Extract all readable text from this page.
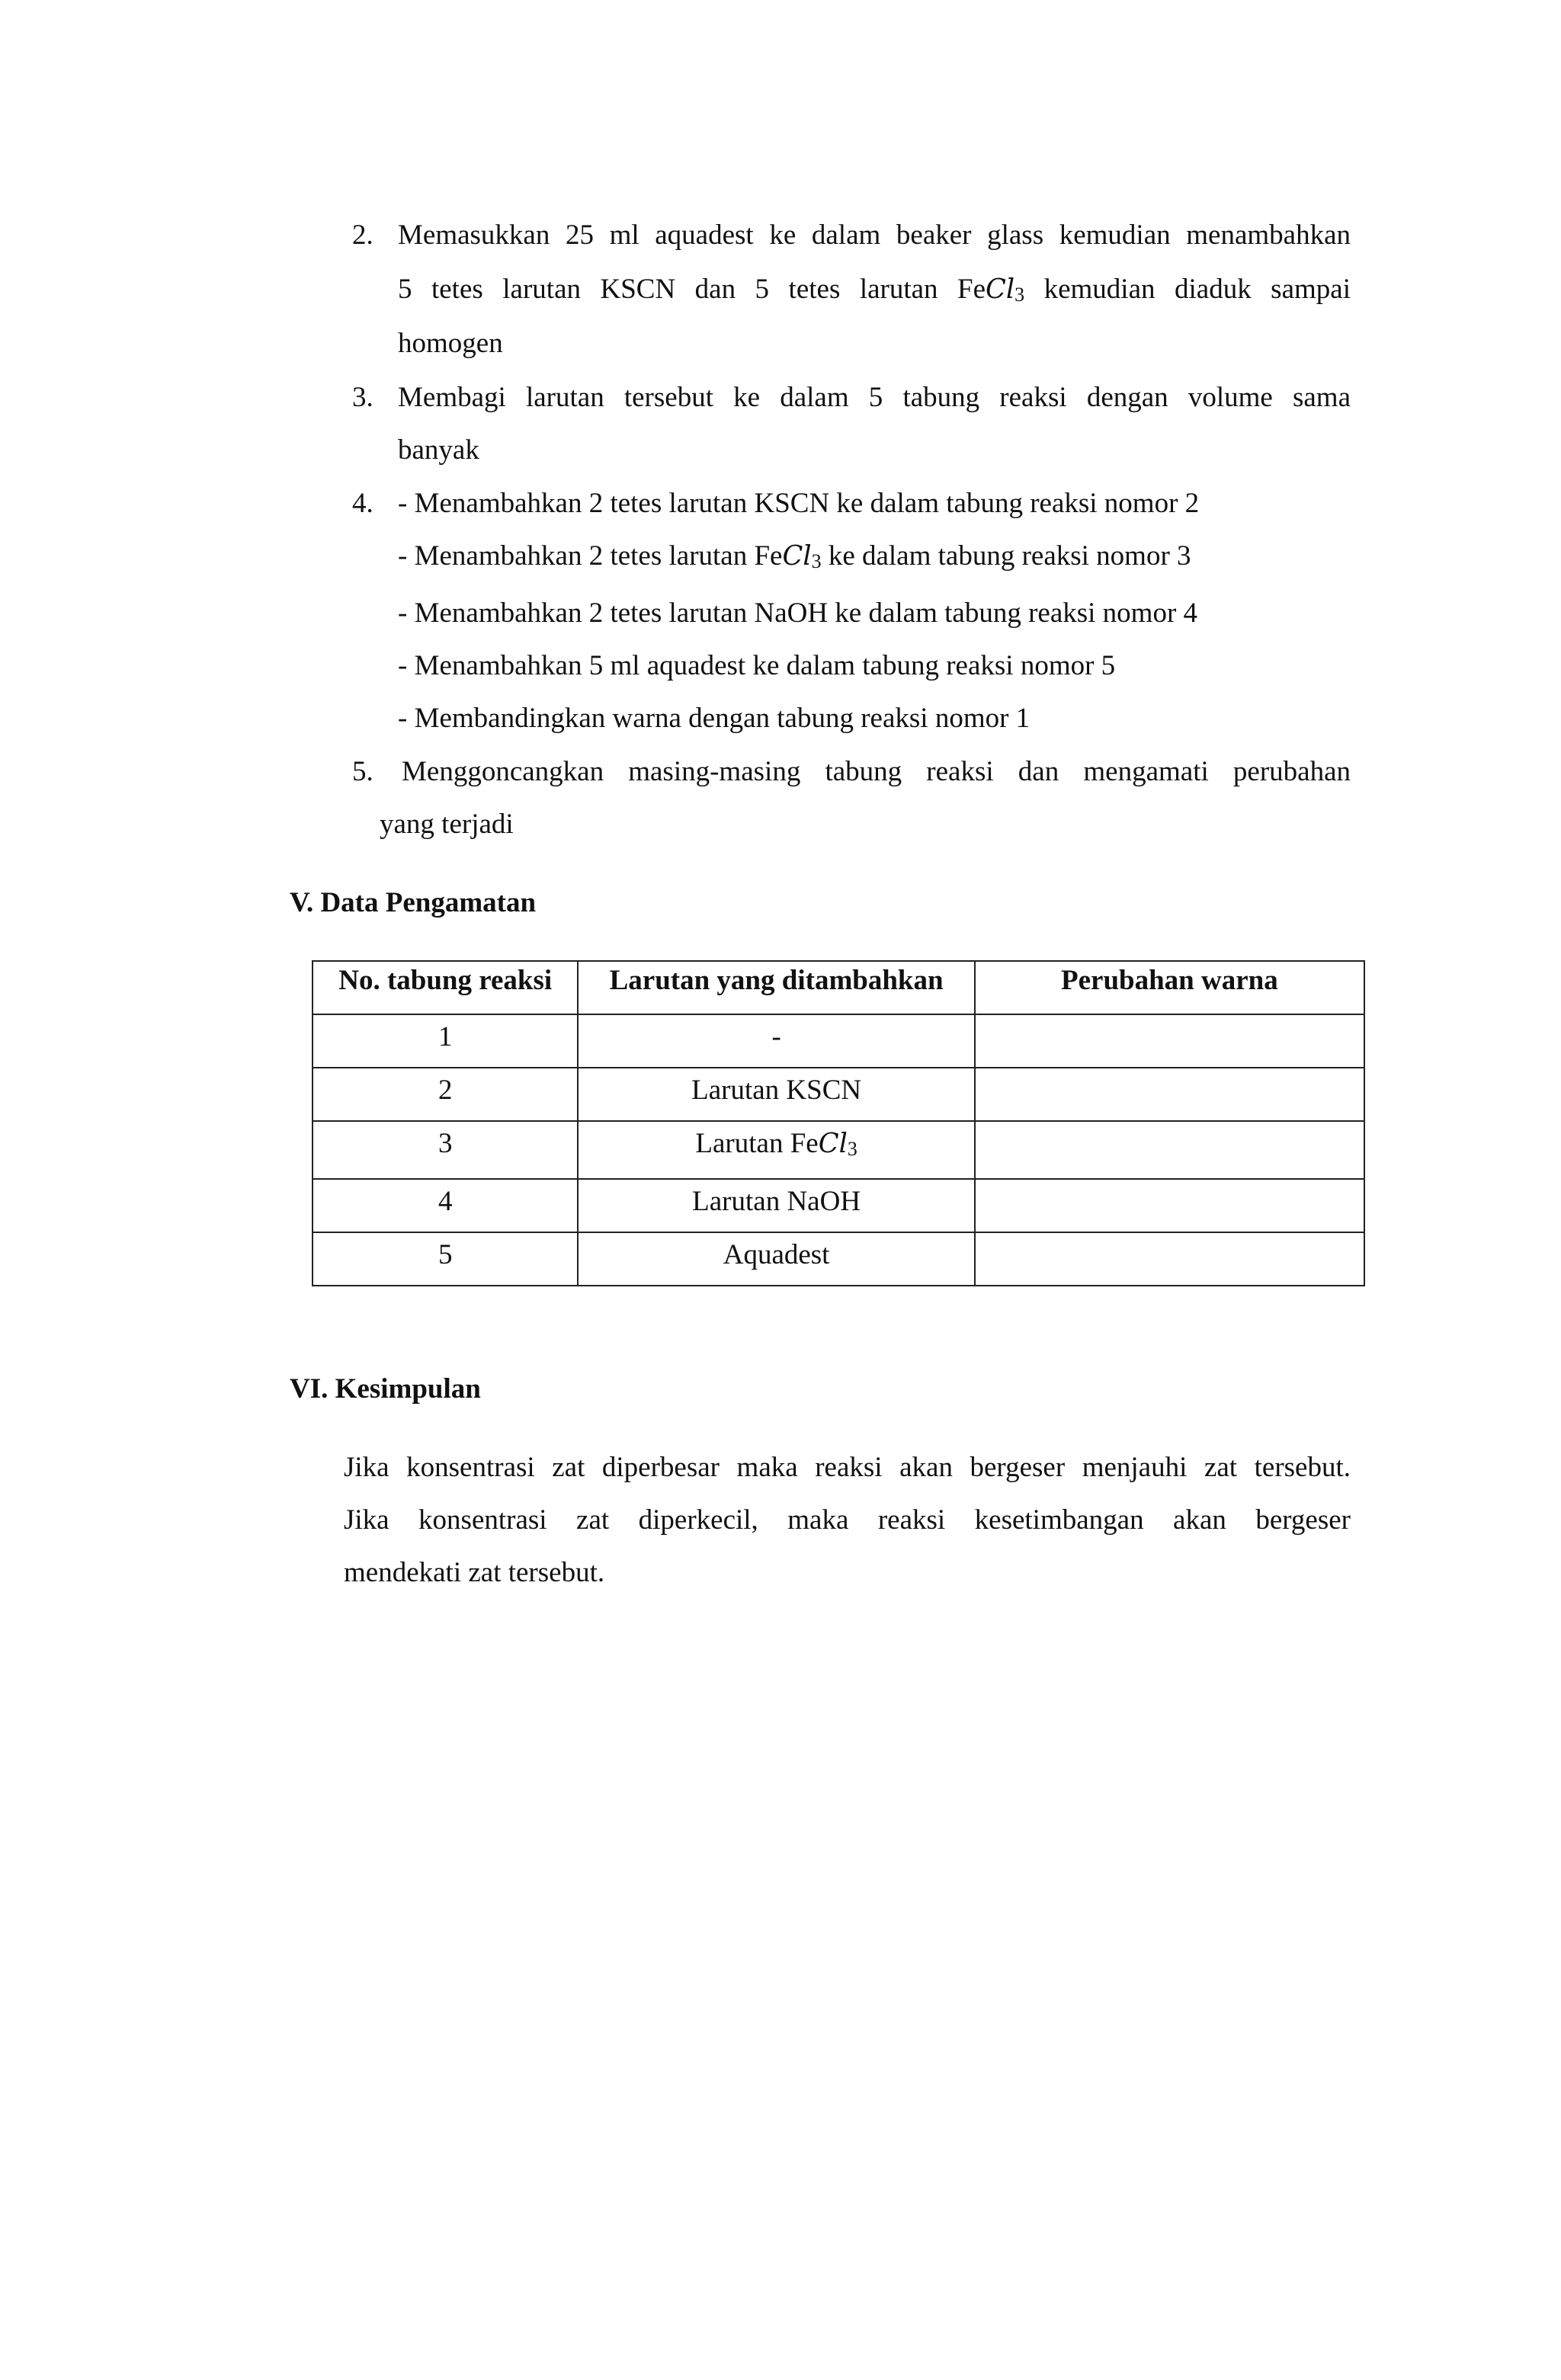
2. Memasukkan 25 ml aquadest ke dalam beaker glass kemudian menambahkan
5 tetes larutan KSCN dan 5 tetes larutan FeCl3 kemudian diaduk sampai
homogen
3. Membagi larutan tersebut ke dalam 5 tabung reaksi dengan volume sama
banyak
4. - Menambahkan 2 tetes larutan KSCN ke dalam tabung reaksi nomor 2
- Menambahkan 2 tetes larutan FeCl3 ke dalam tabung reaksi nomor 3
- Menambahkan 2 tetes larutan NaOH ke dalam tabung reaksi nomor 4
- Menambahkan 5 ml aquadest ke dalam tabung reaksi nomor 5
- Membandingkan warna dengan tabung reaksi nomor 1
5. Menggoncangkan masing-masing tabung reaksi dan mengamati perubahan
yang terjadi
V. Data Pengamatan
No. tabung reaksi	Larutan yang ditambahkan	Perubahan warna
1	-	
2	Larutan KSCN	
3	Larutan FeCl3	
4	Larutan NaOH	
5	Aquadest	
VI. Kesimpulan
Jika konsentrasi zat diperbesar maka reaksi akan bergeser menjauhi zat tersebut.
Jika konsentrasi zat diperkecil, maka reaksi kesetimbangan akan bergeser
mendekati zat tersebut.
